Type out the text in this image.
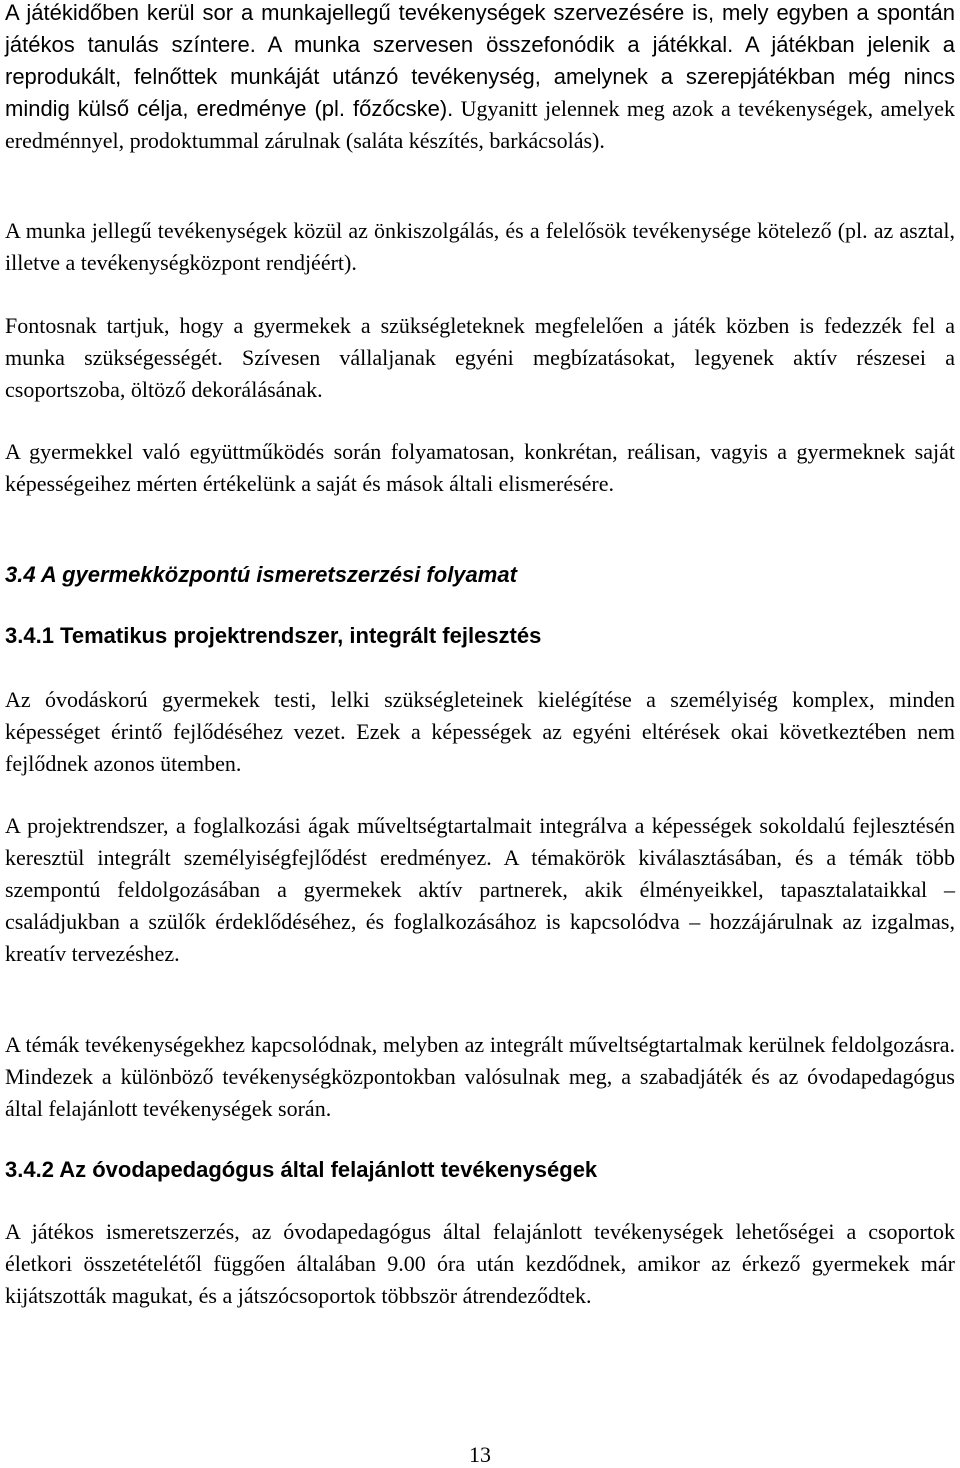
A játékidőben kerül sor a munkajellegű tevékenységek szervezésére is, mely egyben a spontán játékos tanulás színtere. A munka szervesen összefonódik a játékkal. A játékban jelenik a reprodukált, felnőttek munkáját utánzó tevékenység, amelynek a szerepjátékban még nincs mindig külső célja, eredménye (pl. főzőcske). Ugyanitt jelennek meg azok a tevékenységek, amelyek eredménnyel, prodoktummal zárulnak (saláta készítés, barkácsolás).

A munka jellegű tevékenységek közül az önkiszolgálás, és a felelősök tevékenysége kötelező (pl. az asztal, illetve a tevékenységközpont rendjéért).

Fontosnak tartjuk, hogy a gyermekek a szükségleteknek megfelelően a játék közben is fedezzék fel a munka szükségességét. Szívesen vállaljanak egyéni megbízatásokat, legyenek aktív részesei a csoportszoba, öltöző dekorálásának.

A gyermekkel való együttműködés során folyamatosan, konkrétan, reálisan, vagyis a gyermeknek saját képességeihez mérten értékelünk a saját és mások általi elismerésére.

3.4 A gyermekközpontú ismeretszerzési folyamat
3.4.1 Tematikus projektrendszer, integrált fejlesztés

Az óvodáskorú gyermekek testi, lelki szükségleteinek kielégítése a személyiség komplex, minden képességet érintő fejlődéséhez vezet. Ezek a képességek az egyéni eltérések okai következtében nem fejlődnek azonos ütemben.

A projektrendszer, a foglalkozási ágak műveltségtartalmait integrálva a képességek sokoldalú fejlesztésén keresztül integrált személyiségfejlődést eredményez. A témakörök kiválasztásában, és a témák több szempontú feldolgozásában a gyermekek aktív partnerek, akik élményeikkel, tapasztalataikkal – családjukban a szülők érdeklődéséhez, és foglalkozásához is kapcsolódva – hozzájárulnak az izgalmas, kreatív tervezéshez.

A témák tevékenységekhez kapcsolódnak, melyben az integrált műveltségtartalmak kerülnek feldolgozásra. Mindezek a különböző tevékenységközpontokban valósulnak meg, a szabadjáték és az óvodapedagógus által felajánlott tevékenységek során.

3.4.2 Az óvodapedagógus által felajánlott tevékenységek

A játékos ismeretszerzés, az óvodapedagógus által felajánlott tevékenységek lehetőségei a csoportok életkori összetételétől függően általában 9.00 óra után kezdődnek, amikor az érkező gyermekek már kijátszották magukat, és a játszócsoportok többször átrendeződtek.

13
